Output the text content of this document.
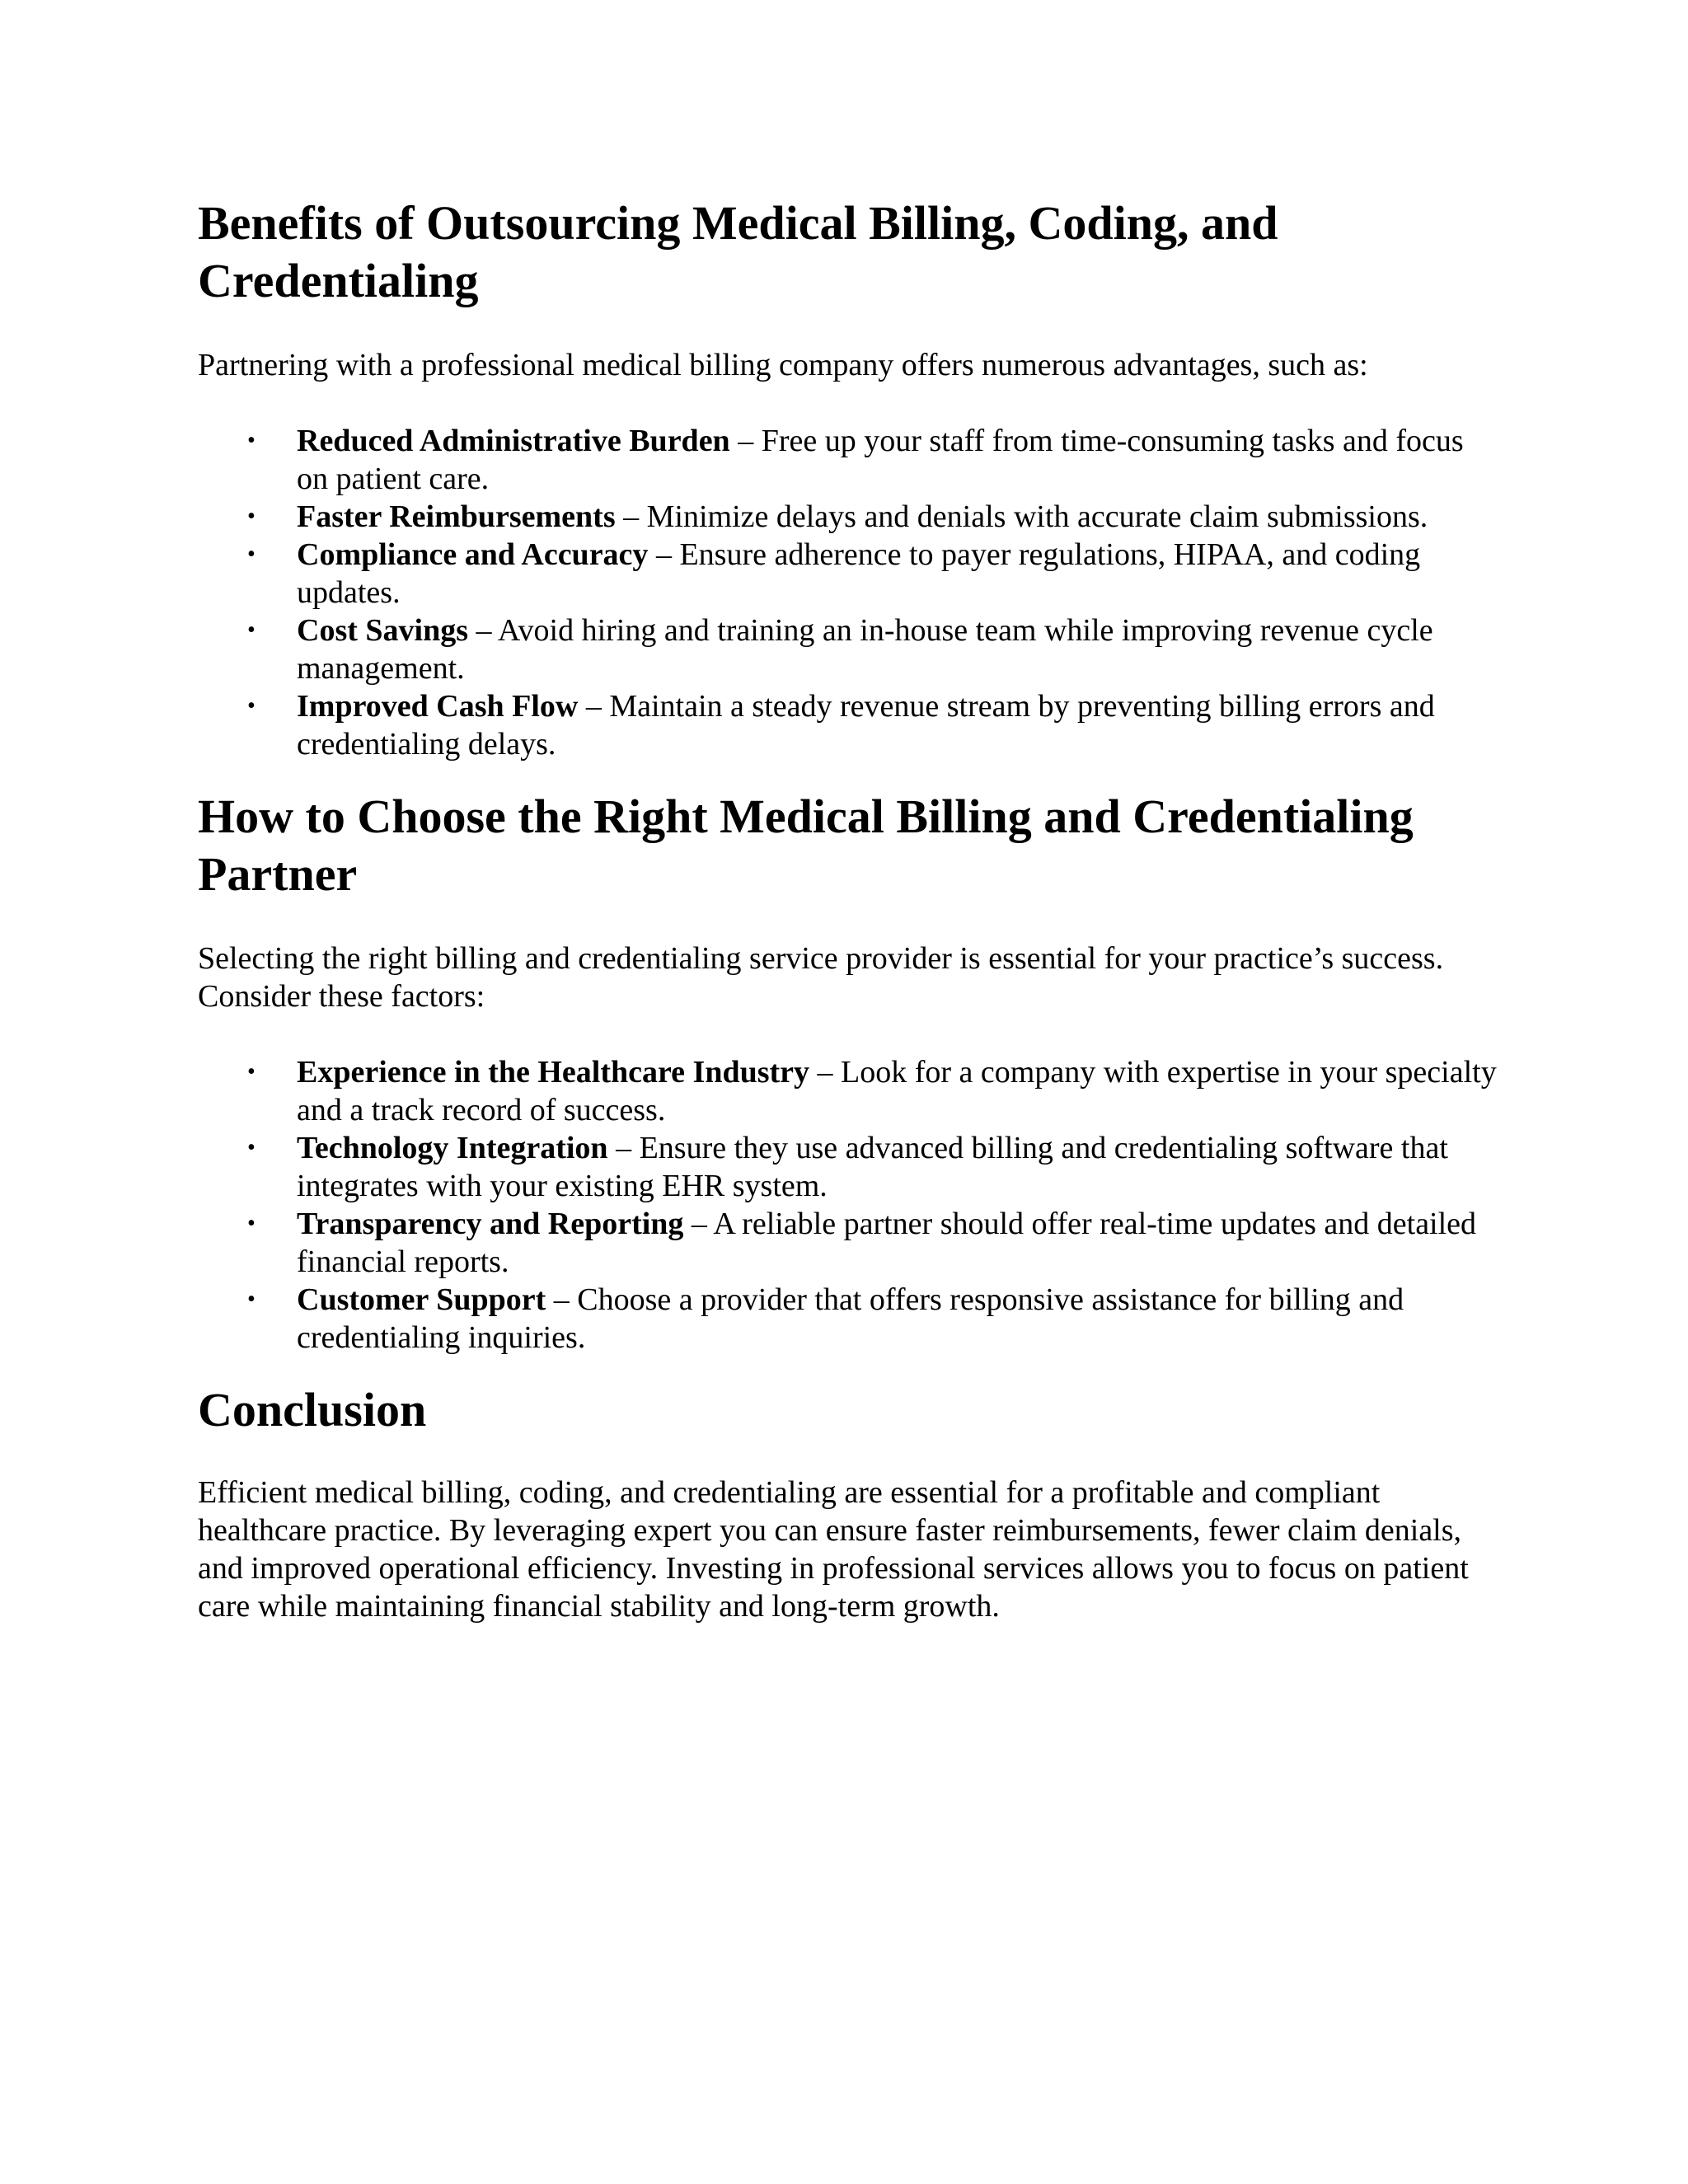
Benefits of Outsourcing Medical Billing, Coding, and Credentialing

Partnering with a professional medical billing company offers numerous advantages, such as:

• Reduced Administrative Burden – Free up your staff from time-consuming tasks and focus on patient care.
• Faster Reimbursements – Minimize delays and denials with accurate claim submissions.
• Compliance and Accuracy – Ensure adherence to payer regulations, HIPAA, and coding updates.
• Cost Savings – Avoid hiring and training an in-house team while improving revenue cycle management.
• Improved Cash Flow – Maintain a steady revenue stream by preventing billing errors and credentialing delays.
How to Choose the Right Medical Billing and Credentialing Partner

Selecting the right billing and credentialing service provider is essential for your practice’s success. Consider these factors:

• Experience in the Healthcare Industry – Look for a company with expertise in your specialty and a track record of success.
• Technology Integration – Ensure they use advanced billing and credentialing software that integrates with your existing EHR system.
• Transparency and Reporting – A reliable partner should offer real-time updates and detailed financial reports.
• Customer Support – Choose a provider that offers responsive assistance for billing and credentialing inquiries.
Conclusion

Efficient medical billing, coding, and credentialing are essential for a profitable and compliant healthcare practice. By leveraging expert you can ensure faster reimbursements, fewer claim denials, and improved operational efficiency. Investing in professional services allows you to focus on patient care while maintaining financial stability and long-term growth.
